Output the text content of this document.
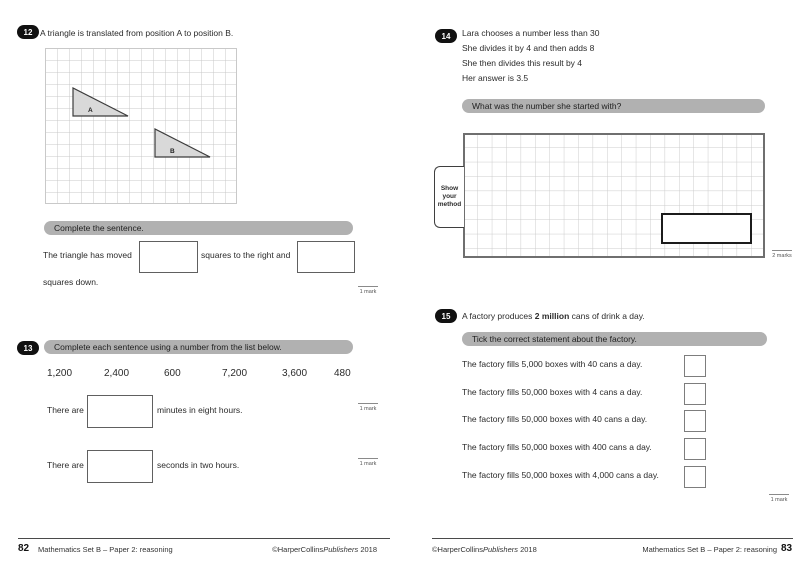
12 A triangle is translated from position A to position B.
A
B
Complete the sentence.
The triangle has moved	squares to the right and
squares down.
1 mark
13	Complete each sentence using a number from the list below.
1,200	2,400	600	7,200	3,600	480
There are	minutes in eight hours.	1 mark
There are	seconds in two hours.	1 mark
82 Mathematics Set B – Paper 2: reasoning	©HarperCollinsPublishers 2018
14 Lara chooses a number less than 30
She divides it by 4 and then adds 8
She then divides this result by 4
Her answer is 3.5
What was the number she started with?
Show
your
method
2 marks
15 A factory produces 2 million cans of drink a day.
Tick the correct statement about the factory.
The factory fills 5,000 boxes with 40 cans a day.
The factory fills 50,000 boxes with 4 cans a day.
The factory fills 50,000 boxes with 40 cans a day.
The factory fills 50,000 boxes with 400 cans a day.
The factory fills 50,000 boxes with 4,000 cans a day.
1 mark
©HarperCollinsPublishers 2018	Mathematics Set B – Paper 2: reasoning 83
